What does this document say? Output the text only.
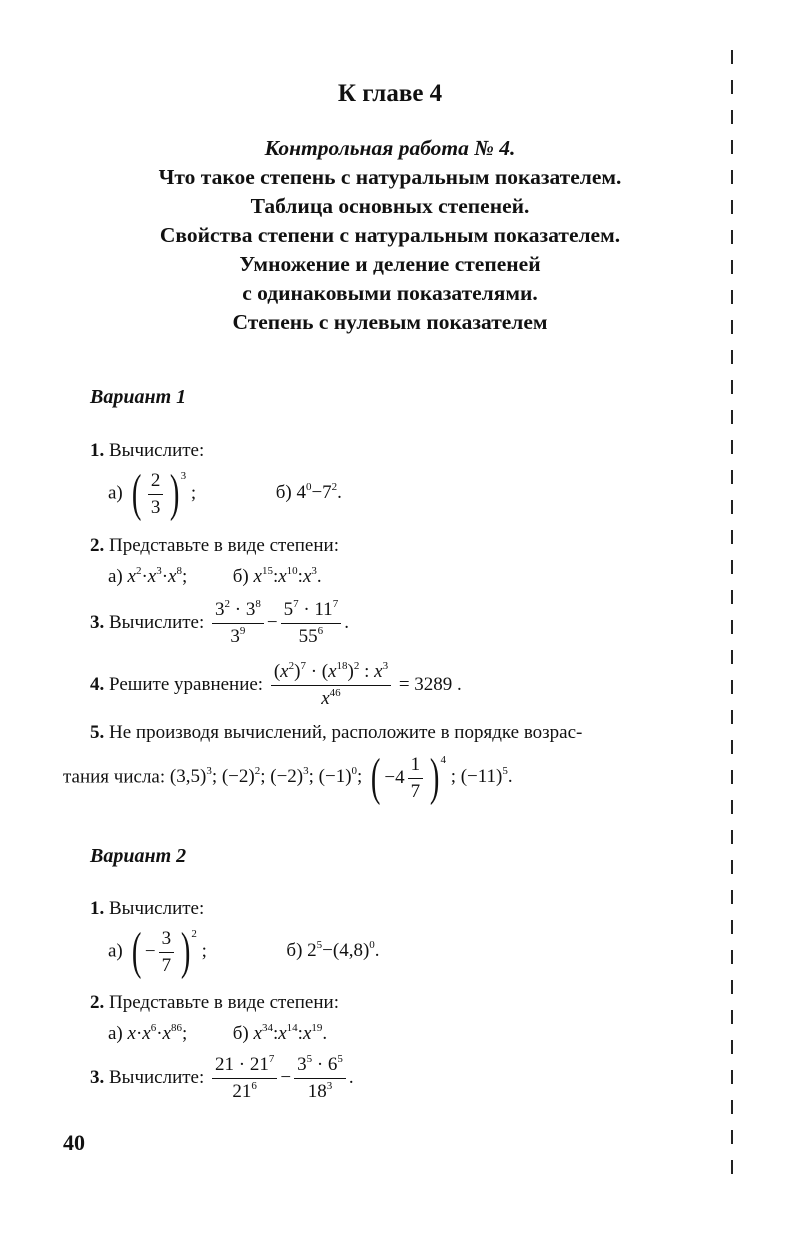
К главе 4
Контрольная работа № 4.
Что такое степень с натуральным показателем.
Таблица основных степеней.
Свойства степени с натуральным показателем.
Умножение и деление степеней
с одинаковыми показателями.
Степень с нулевым показателем
Вариант 1
1. Вычислите:
а) ( $\frac{2}{3}$ ) 3
;	б) $4^0-7^2$.
2. Представьте в виде степени:
а) $x^2\cdot x^3\cdot x^8$; б) $x^{15}:x^{10}:x^3$.
3. Вычислите: $\frac{3^2 \cdot 3^8}{3^9} - \frac{5^7 \cdot 11^7}{55^6}$ .
4. Решите уравнение: $\frac{(x^2)^7 \cdot (x^{18})^2 : x^3}{x^{46}} = 3289$ .
5. Не производя вычислений, расположите в порядке возрас-
тания числа: $(3,5)^3$; $(-2)^2$; $(-2)^3$; $(-1)^0$; ( $-4 \frac{1}{7}$ ) 4
; $(-11)^5$.
Вариант 2
1. Вычислите:
а) ( − $\frac{3}{7}$ ) 2
;	б) $2^5-(4,8)^0$.
2. Представьте в виде степени:
а) $x\cdot x^6\cdot x^{86}$; б) $x^{34}:x^{14}:x^{19}$.
3. Вычислите: $\frac{21 \cdot 21^7}{21^6} - \frac{3^5 \cdot 6^5}{18^3}$ .
40
